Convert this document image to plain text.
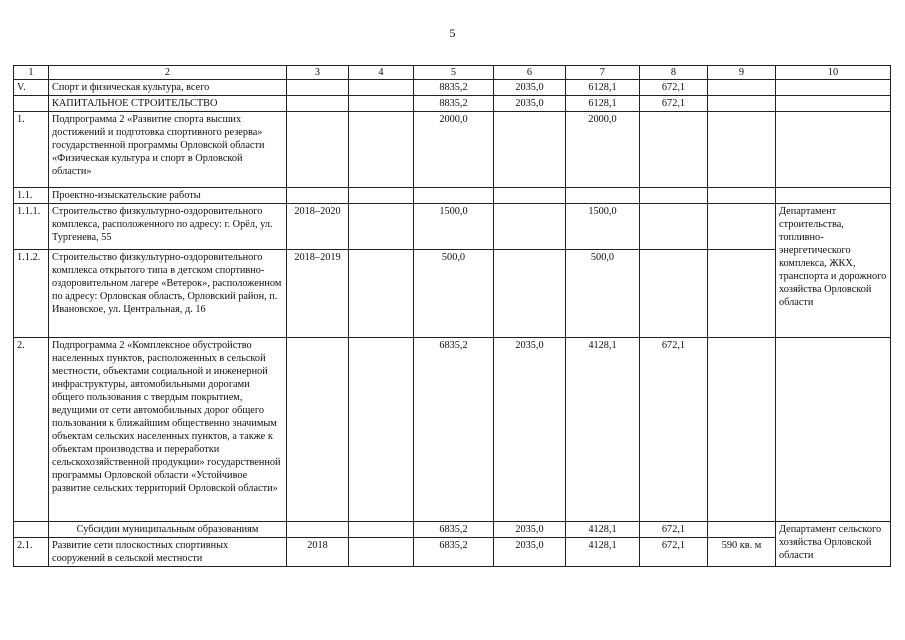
5
1	2	3	4	5	6	7	8	9	10
V.	Спорт и физическая культура, всего			8835,2	2035,0	6128,1	672,1		
	КАПИТАЛЬНОЕ СТРОИТЕЛЬСТВО			8835,2	2035,0	6128,1	672,1		
1.	Подпрограмма 2 «Развитие спорта высших достижений и подготовка спортивного резерва» государственной программы Орловской области «Физическая культура и спорт в Орловской области»			2000,0		2000,0			
1.1.	Проектно-изыскательские работы								
1.1.1.	Строительство физкультурно-оздоровительного комплекса, расположенного по адресу: г. Орёл, ул. Тургенева, 55	2018–2020		1500,0		1500,0			Департамент строительства, топливно-энергетического комплекса, ЖКХ, транспорта и дорожного хозяйства Орловской области
1.1.2.	Строительство физкультурно-оздоровительного комплекса открытого типа в детском спортивно-оздоровительном лагере «Ветерок», расположенном по адресу: Орловская область, Орловский район, п. Ивановское, ул. Центральная, д. 16	2018–2019		500,0		500,0			
2.	Подпрограмма 2 «Комплексное обустройство населенных пунктов, расположенных в сельской местности, объектами социальной и инженерной инфраструктуры, автомобильными дорогами общего пользования с твердым покрытием, ведущими от сети автомобильных дорог общего пользования к ближайшим общественно значимым объектам сельских населенных пунктов, а также к объектам производства и переработки сельскохозяйственной продукции» государственной программы Орловской области «Устойчивое развитие сельских территорий Орловской области»			6835,2	2035,0	4128,1	672,1		
	Субсидии муниципальным образованиям			6835,2	2035,0	4128,1	672,1		Департамент сельского хозяйства Орловской области
2.1.	Развитие сети плоскостных спортивных сооружений в сельской местности	2018		6835,2	2035,0	4128,1	672,1	590 кв. м	
